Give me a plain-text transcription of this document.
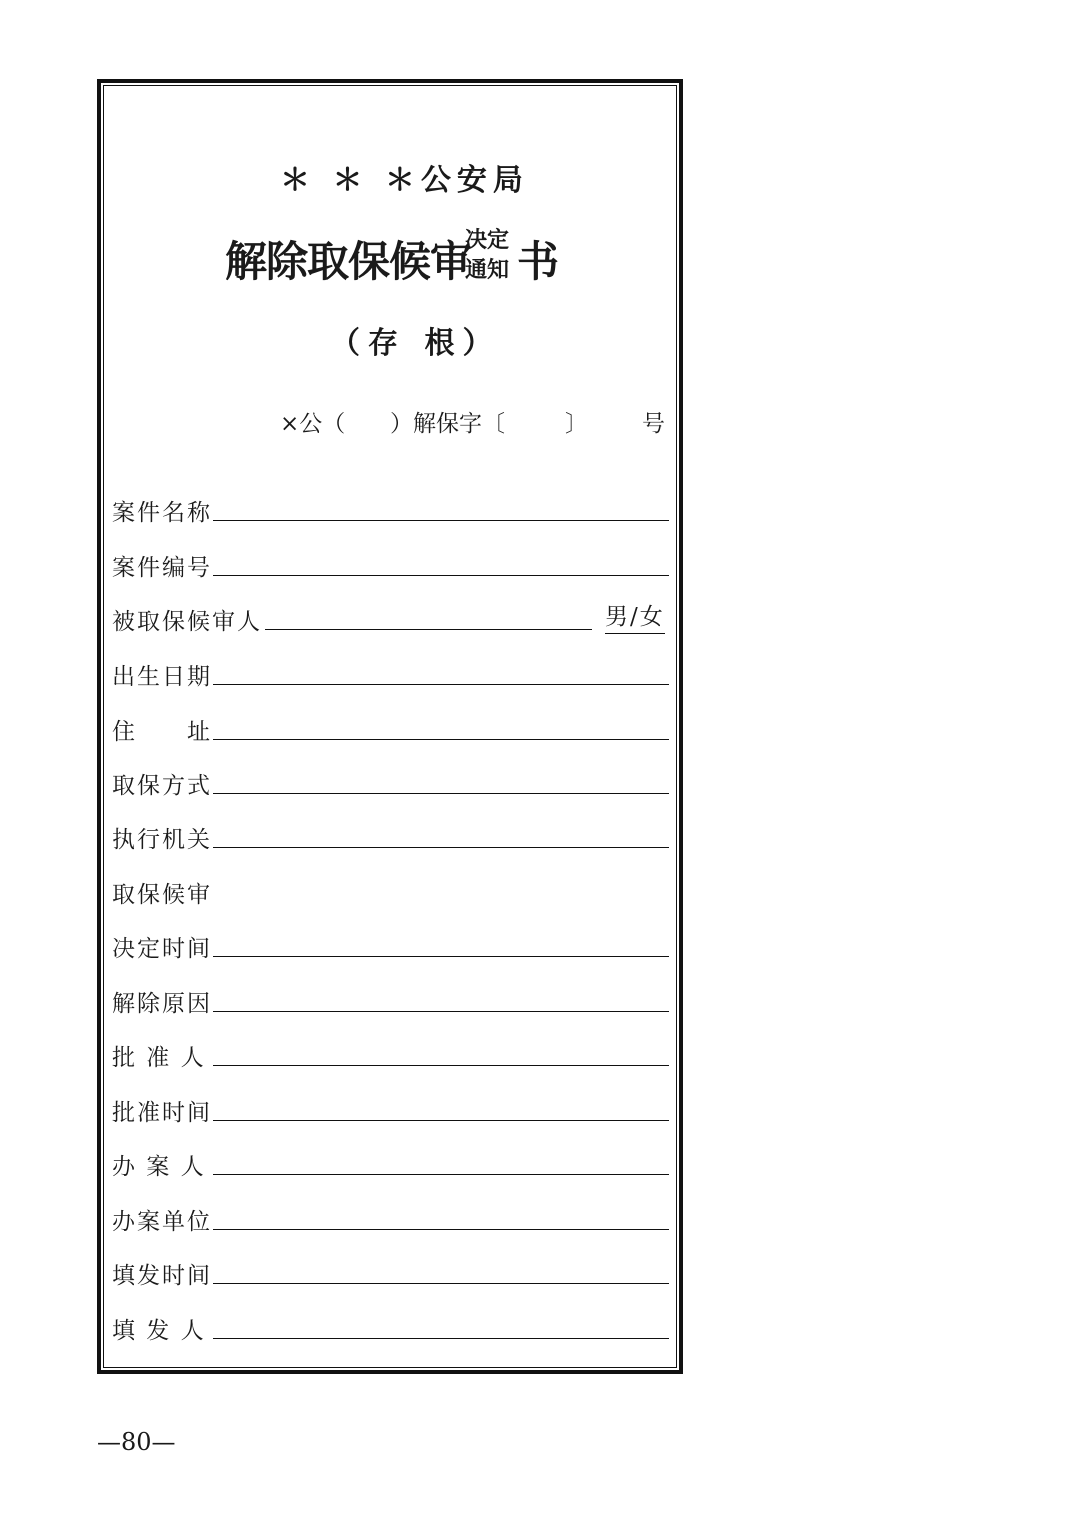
＊ ＊ ＊公安局
解除取保候审
决定
通知 书
（存 根）
×公（ ）解保字〔	〕 号
案件名称
案件编号
被取保候审人	男/女
出生日期
住　　址
取保方式
执行机关
取保候审
决定时间
解除原因
批 准 人
批准时间
办 案 人
办案单位
填发时间
填 发 人
—80—
